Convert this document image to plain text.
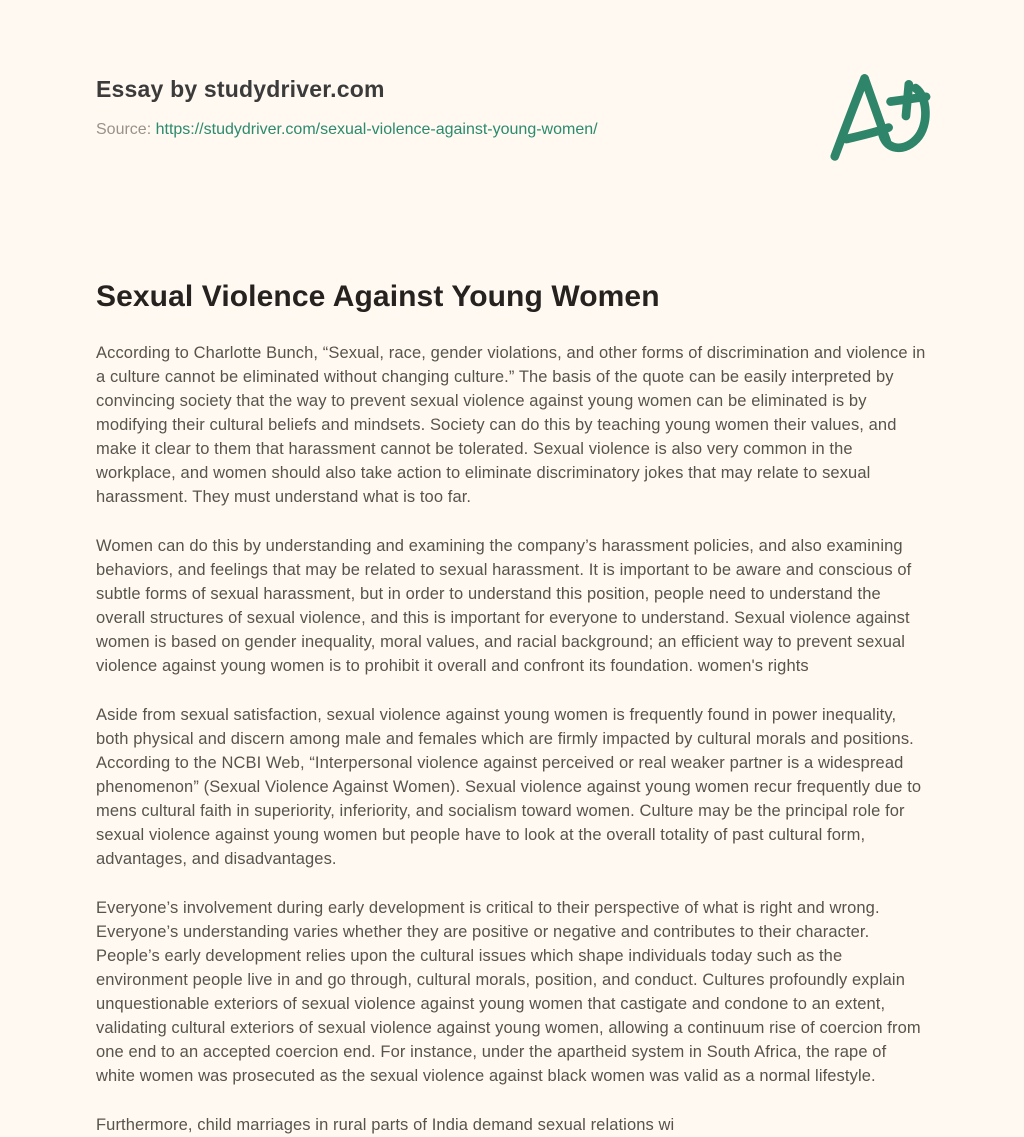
Essay by studydriver.com

Source: https://studydriver.com/sexual-violence-against-young-women/

Sexual Violence Against Young Women

According to Charlotte Bunch, “Sexual, race, gender violations, and other forms of discrimination and violence in a culture cannot be eliminated without changing culture.” The basis of the quote can be easily interpreted by convincing society that the way to prevent sexual violence against young women can be eliminated is by modifying their cultural beliefs and mindsets. Society can do this by teaching young women their values, and make it clear to them that harassment cannot be tolerated. Sexual violence is also very common in the workplace, and women should also take action to eliminate discriminatory jokes that may relate to sexual harassment. They must understand what is too far.

Women can do this by understanding and examining the company’s harassment policies, and also examining behaviors, and feelings that may be related to sexual harassment. It is important to be aware and conscious of subtle forms of sexual harassment, but in order to understand this position, people need to understand the overall structures of sexual violence, and this is important for everyone to understand. Sexual violence against women is based on gender inequality, moral values, and racial background; an efficient way to prevent sexual violence against young women is to prohibit it overall and confront its foundation. women's rights

Aside from sexual satisfaction, sexual violence against young women is frequently found in power inequality, both physical and discern among male and females which are firmly impacted by cultural morals and positions. According to the NCBI Web, “Interpersonal violence against perceived or real weaker partner is a widespread phenomenon” (Sexual Violence Against Women). Sexual violence against young women recur frequently due to mens cultural faith in superiority, inferiority, and socialism toward women. Culture may be the principal role for sexual violence against young women but people have to look at the overall totality of past cultural form, advantages, and disadvantages.

Everyone’s involvement during early development is critical to their perspective of what is right and wrong. Everyone’s understanding varies whether they are positive or negative and contributes to their character. People’s early development relies upon the cultural issues which shape individuals today such as the environment people live in and go through, cultural morals, position, and conduct. Cultures profoundly explain unquestionable exteriors of sexual violence against young women that castigate and condone to an extent, validating cultural exteriors of sexual violence against young women, allowing a continuum rise of coercion from one end to an accepted coercion end. For instance, under the apartheid system in South Africa, the rape of white women was prosecuted as the sexual violence against black women was valid as a normal lifestyle.

Furthermore, child marriages in rural parts of India demand sexual relations wi
